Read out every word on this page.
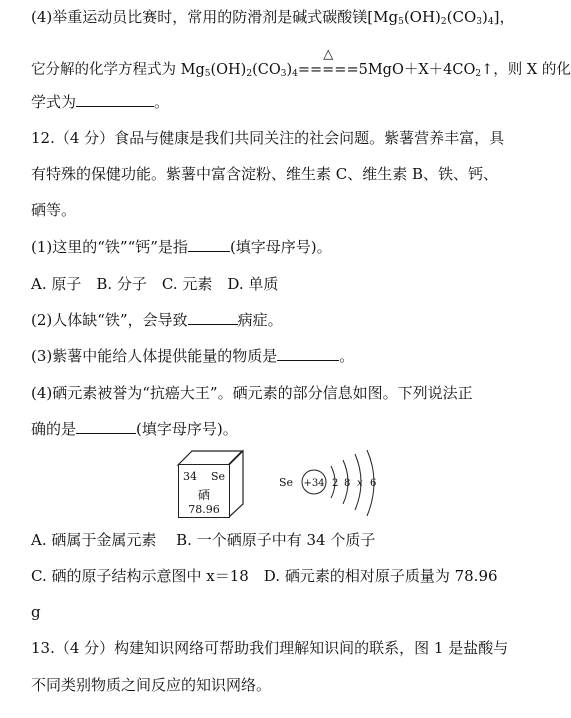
(4)举重运动员比赛时，常用的防滑剂是碱式碳酸镁$[Mg_5(OH)_2(CO_3)_4]$，
它分解的化学方程式为 $Mg_5(OH)_2(CO_3)_4$
△
$=====5MgO+X+4CO_2↑$，则 X 的化
学式为	。
12.（4 分）食品与健康是我们共同关注的社会问题。紫薯营养丰富，具
有特殊的保健功能。紫薯中富含淀粉、维生素 C、维生素 B、铁、钙、
硒等。
(1)这里的“铁”“钙”是指	(填字母序号)。
A. 原子　B. 分子　C. 元素　D. 单质
(2)人体缺“铁”，会导致	病症。
(3)紫薯中能给人体提供能量的物质是	。
(4)硒元素被誉为“抗癌大王”。硒元素的部分信息如图。下列说法正
确的是	(填字母序号)。
34 Se
硒
78.96
Se +34 2 8 x 6
A. 硒属于金属元素　 B. 一个硒原子中有 34 个质子
C. 硒的原子结构示意图中 x＝18　D. 硒元素的相对原子质量为 78.96
g
13.（4 分）构建知识网络可帮助我们理解知识间的联系，图 1 是盐酸与
不同类别物质之间反应的知识网络。
